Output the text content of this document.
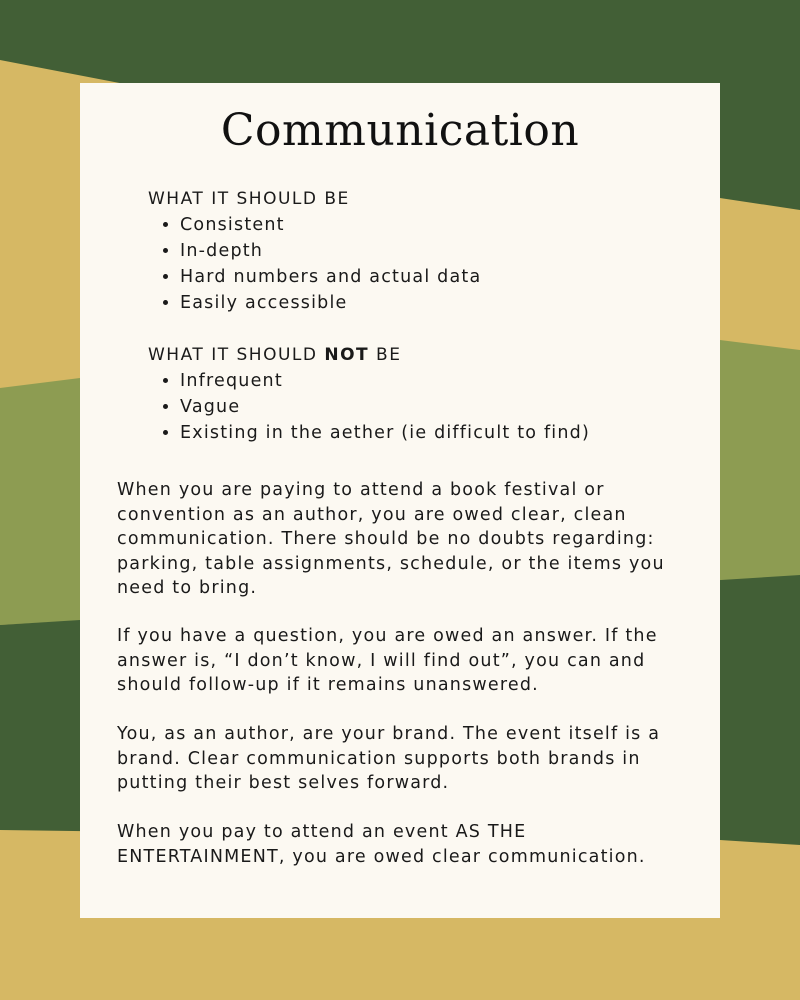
Communication

WHAT IT SHOULD BE

• Consistent
• In-depth
• Hard numbers and actual data
• Easily accessible

WHAT IT SHOULD NOT BE

• Infrequent
• Vague
• Existing in the aether (ie difficult to find)

When you are paying to attend a book festival or convention as an author, you are owed clear, clean communication. There should be no doubts regarding: parking, table assignments, schedule, or the items you need to bring.

If you have a question, you are owed an answer. If the answer is, “I don’t know, I will find out”, you can and should follow-up if it remains unanswered.

You, as an author, are your brand. The event itself is a brand. Clear communication supports both brands in putting their best selves forward.

When you pay to attend an event AS THE ENTERTAINMENT, you are owed clear communication.
